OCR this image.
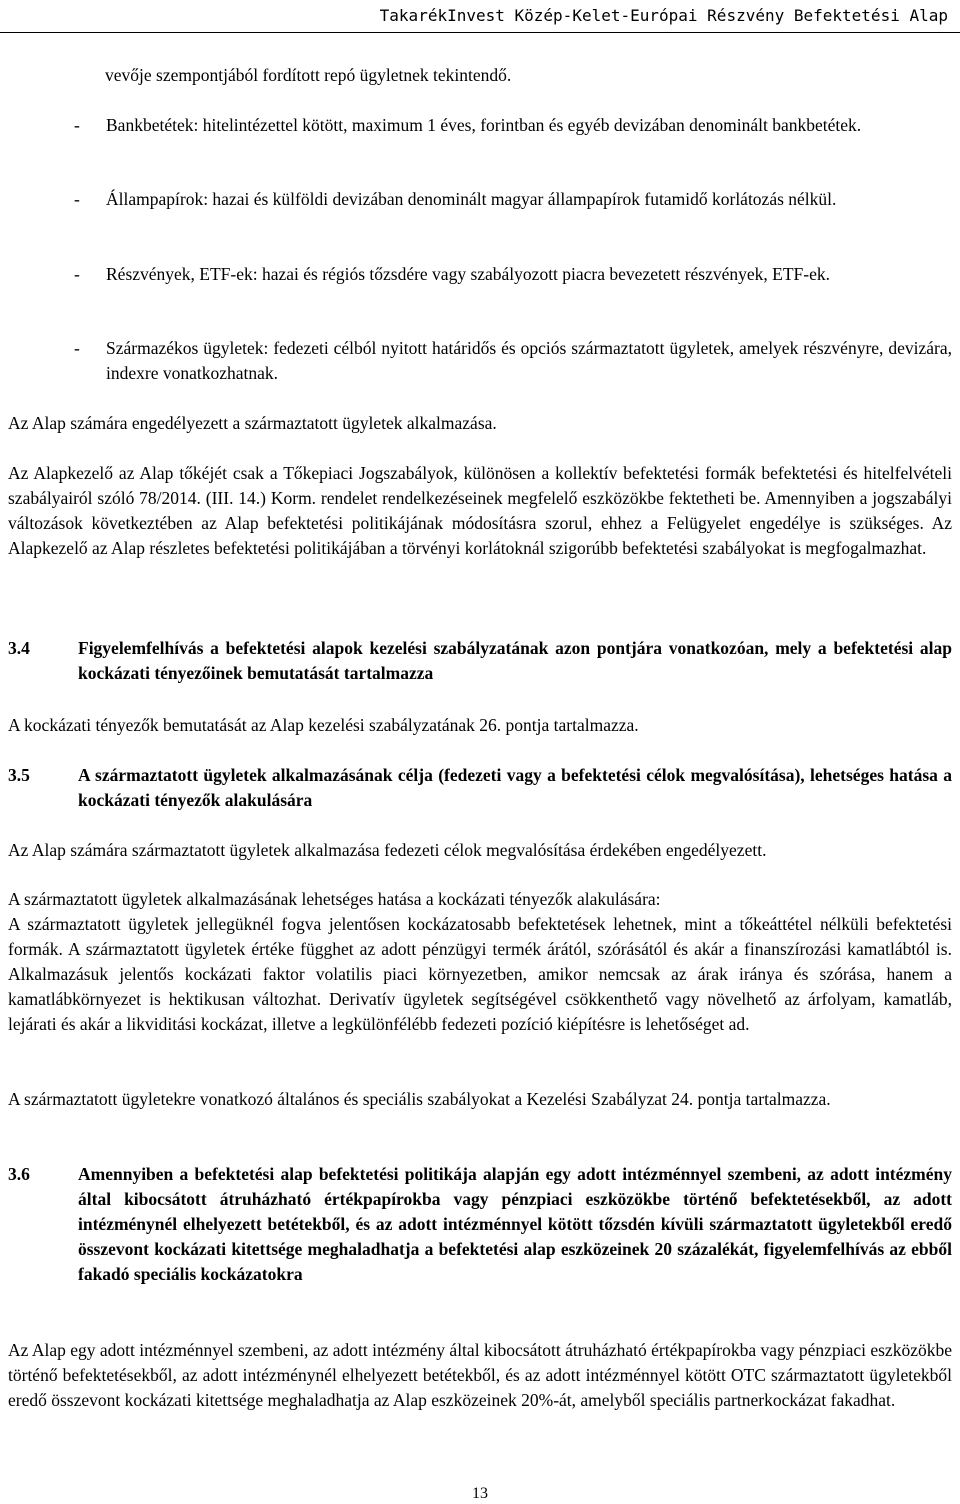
TakarékInvest Közép-Kelet-Európai Részvény Befektetési Alap
vevője szempontjából fordított repó ügyletnek tekintendő.
-	Bankbetétek: hitelintézettel kötött, maximum 1 éves, forintban és egyéb devizában denominált bankbetétek.
-	Állampapírok: hazai és külföldi devizában denominált magyar állampapírok futamidő korlátozás nélkül.
-	Részvények, ETF-ek: hazai és régiós tőzsdére vagy szabályozott piacra bevezetett részvények, ETF-ek.
-	Származékos ügyletek: fedezeti célból nyitott határidős és opciós származtatott ügyletek, amelyek részvényre, devizára, indexre vonatkozhatnak.
Az Alap számára engedélyezett a származtatott ügyletek alkalmazása.
Az Alapkezelő az Alap tőkéjét csak a Tőkepiaci Jogszabályok, különösen a kollektív befektetési formák befektetési és hitelfelvételi szabályairól szóló 78/2014. (III. 14.) Korm. rendelet rendelkezéseinek megfelelő eszközökbe fektetheti be. Amennyiben a jogszabályi változások következtében az Alap befektetési politikájának módosításra szorul, ehhez a Felügyelet engedélye is szükséges. Az Alapkezelő az Alap részletes befektetési politikájában a törvényi korlátoknál szigorúbb befektetési szabályokat is megfogalmazhat.
3.4	Figyelemfelhívás a befektetési alapok kezelési szabályzatának azon pontjára vonatkozóan, mely a befektetési alap kockázati tényezőinek bemutatását tartalmazza
A kockázati tényezők bemutatását az Alap kezelési szabályzatának 26. pontja tartalmazza.
3.5	A származtatott ügyletek alkalmazásának célja (fedezeti vagy a befektetési célok megvalósítása), lehetséges hatása a kockázati tényezők alakulására
Az Alap számára származtatott ügyletek alkalmazása fedezeti célok megvalósítása érdekében engedélyezett.
A származtatott ügyletek alkalmazásának lehetséges hatása a kockázati tényezők alakulására:
A származtatott ügyletek jellegüknél fogva jelentősen kockázatosabb befektetések lehetnek, mint a tőkeáttétel nélküli befektetési formák. A származtatott ügyletek értéke függhet az adott pénzügyi termék árától, szórásától és akár a finanszírozási kamatlábtól is. Alkalmazásuk jelentős kockázati faktor volatilis piaci környezetben, amikor nemcsak az árak iránya és szórása, hanem a kamatlábkörnyezet is hektikusan változhat. Derivatív ügyletek segítségével csökkenthető vagy növelhető az árfolyam, kamatláb, lejárati és akár a likviditási kockázat, illetve a legkülönfélébb fedezeti pozíció kiépítésre is lehetőséget ad.
A származtatott ügyletekre vonatkozó általános és speciális szabályokat a Kezelési Szabályzat 24. pontja tartalmazza.
3.6	Amennyiben a befektetési alap befektetési politikája alapján egy adott intézménnyel szembeni, az adott intézmény által kibocsátott átruházható értékpapírokba vagy pénzpiaci eszközökbe történő befektetésekből, az adott intézménynél elhelyezett betétekből, és az adott intézménnyel kötött tőzsdén kívüli származtatott ügyletekből eredő összevont kockázati kitettsége meghaladhatja a befektetési alap eszközeinek 20 százalékát, figyelemfelhívás az ebből fakadó speciális kockázatokra
Az Alap egy adott intézménnyel szembeni, az adott intézmény által kibocsátott átruházható értékpapírokba vagy pénzpiaci eszközökbe történő befektetésekből, az adott intézménynél elhelyezett betétekből, és az adott intézménnyel kötött OTC származtatott ügyletekből eredő összevont kockázati kitettsége meghaladhatja az Alap eszközeinek 20%-át, amelyből speciális partnerkockázat fakadhat.
13
